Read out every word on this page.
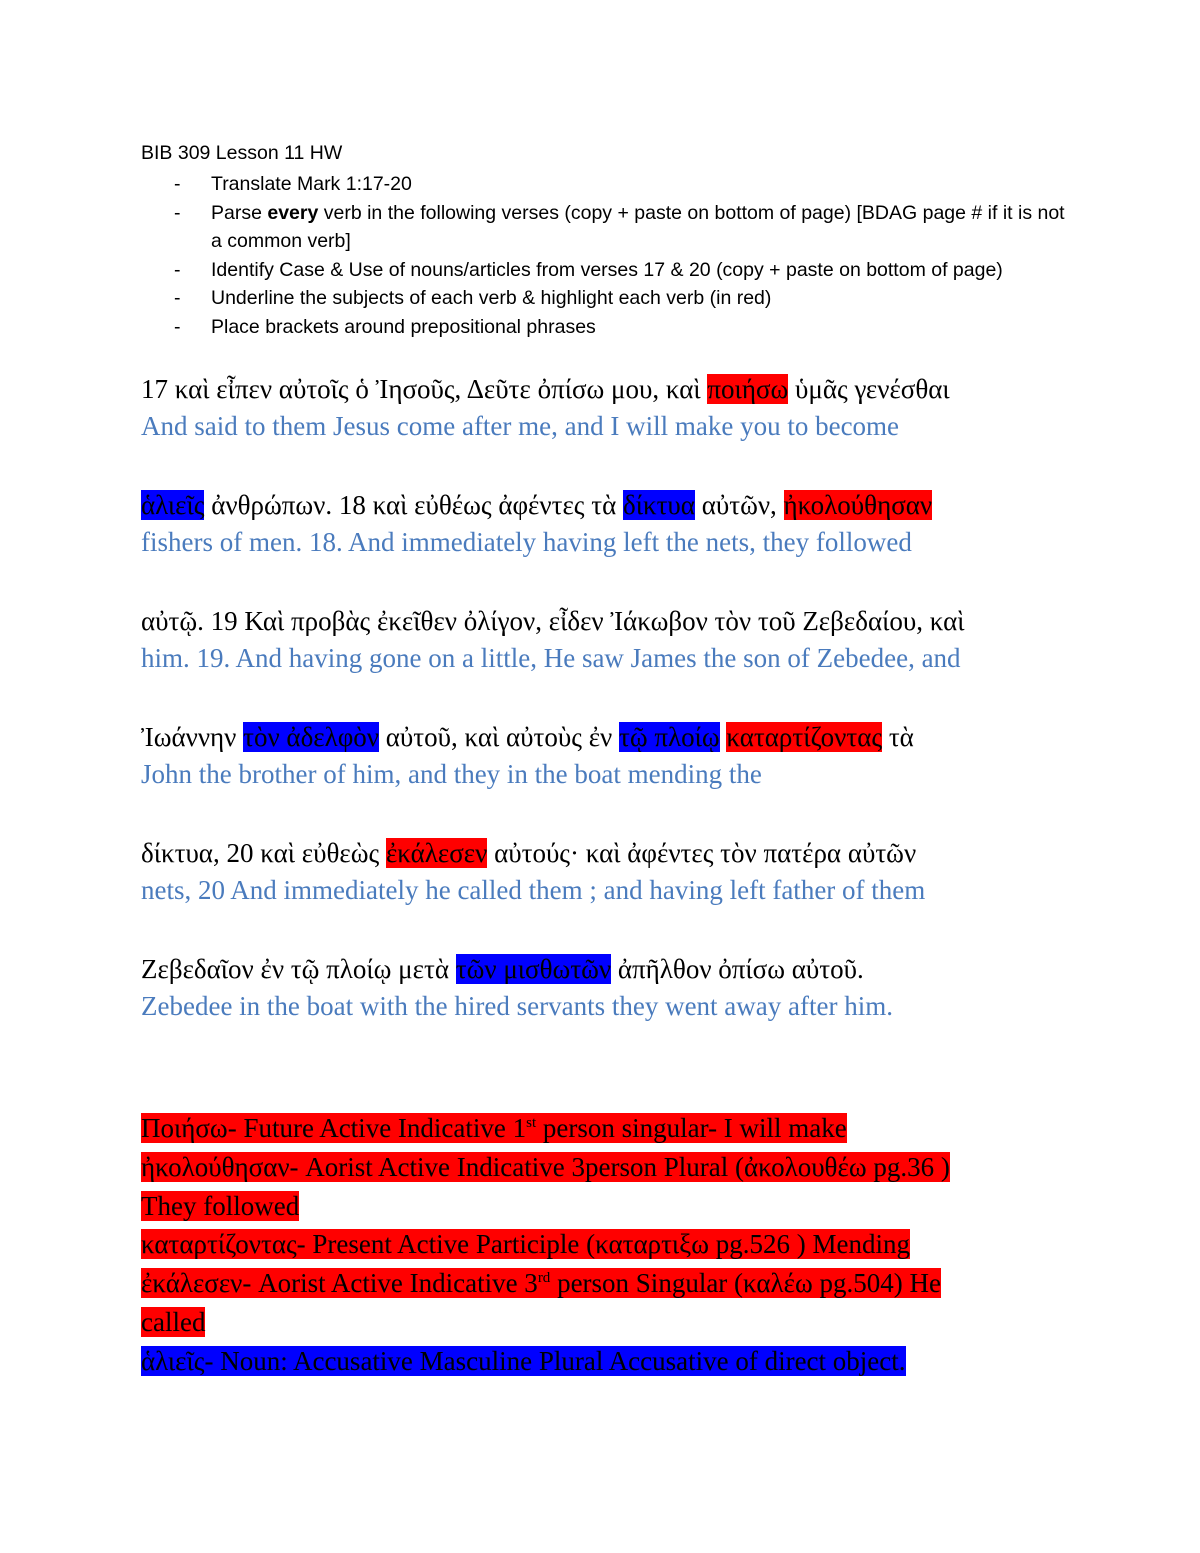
BIB 309 Lesson 11 HW
- Translate Mark 1:17-20
- Parse every verb in the following verses (copy + paste on bottom of page) [BDAG page # if it is not a common verb]
- Identify Case & Use of nouns/articles from verses 17 & 20 (copy + paste on bottom of page)
- Underline the subjects of each verb & highlight each verb (in red)
- Place brackets around prepositional phrases

17 καὶ εἶπεν αὐτοῖς ὁ Ἰησοῦς, Δεῦτε ὀπίσω μου, καὶ ποιήσω ὑμᾶς γενέσθαι

And said to them Jesus come after me, and I will make you to become

ἁλιεῖς ἀνθρώπων. 18 καὶ εὐθέως ἀφέντες τὰ δίκτυα αὐτῶν, ἠκολούθησαν

fishers of men. 18. And immediately having left the nets, they followed

αὐτῷ. 19 Καὶ προβὰς ἐκεῖθεν ὀλίγον, εἶδεν Ἰάκωβον τὸν τοῦ Ζεβεδαίου, καὶ

him. 19. And having gone on a little, He saw James the son of Zebedee, and

Ἰωάννην τὸν ἀδελφὸν αὐτοῦ, καὶ αὐτοὺς ἐν τῷ πλοίῳ καταρτίζοντας τὰ

John the brother of him, and they in the boat mending the

δίκτυα, 20 καὶ εὐθεὼς ἐκάλεσεν αὐτούς· καὶ ἀφέντες τὸν πατέρα αὐτῶν

nets, 20 And immediately he called them ; and having left father of them

Ζεβεδαῖον ἐν τῷ πλοίῳ μετὰ τῶν μισθωτῶν ἀπῆλθον ὀπίσω αὐτοῦ.

Zebedee in the boat with the hired servants they went away after him.

Ποιήσω- Future Active Indicative 1st person singular- I will make
ἠκολούθησαν- Aorist Active Indicative 3person Plural (ἀκολουθέω pg.36 )
They followed
καταρτίζοντας- Present Active Participle (καταρτιξω pg.526 ) Mending
ἐκάλεσεν- Aorist Active Indicative 3rd person Singular (καλέω pg.504) He
called
ἁλιεῖς- Noun: Accusative Masculine Plural Accusative of direct object.
